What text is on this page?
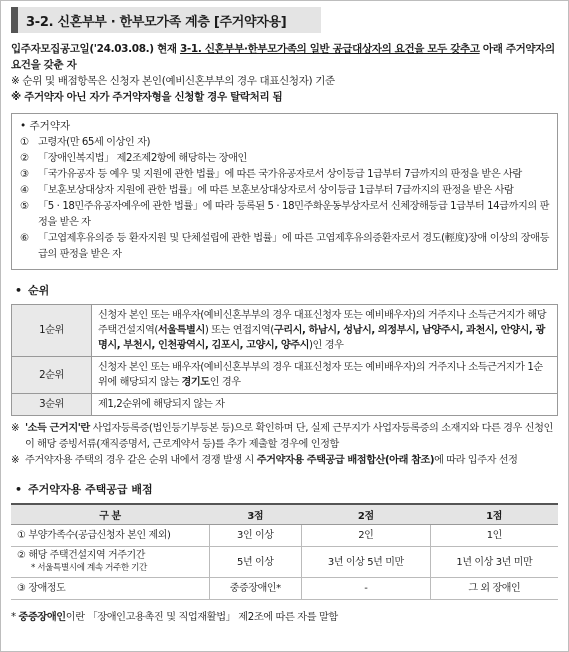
3-2. 신혼부부 · 한부모가족 계층 [주거약자용]
입주자모집공고일('24.03.08.) 현재 3-1. 신혼부부·한부모가족의 일반 공급대상자의 요건을 모두 갖추고 아래 주거약자의 요건을 갖춘 자
※ 순위 및 배점항목은 신청자 본인(예비신혼부부의 경우 대표신청자) 기준
※ 주거약자 아닌 자가 주거약자형을 신청할 경우 탈락처리 됨
• 주거약자
① 고령자(만 65세 이상인 자)
② 「장애인복지법」 제2조제2항에 해당하는 장애인
③ 「국가유공자 등 예우 및 지원에 관한 법률」에 따른 국가유공자로서 상이등급 1급부터 7급까지의 판정을 받은 사람
④ 「보훈보상대상자 지원에 관한 법률」에 따른 보훈보상대상자로서 상이등급 1급부터 7급까지의 판정을 받은 사람
⑤ 「5 · 18민주유공자예우에 관한 법률」에 따라 등록된 5 · 18민주화운동부상자로서 신체장해등급 1급부터 14급까지의 판정을 받은 자
⑥ 「고엽제후유의증 등 환자지원 및 단체설립에 관한 법률」에 따른 고엽제후유의증환자로서 경도(輕度)장애 이상의 장애등급의 판정을 받은 자
• 순위
1순위	신청자 본인 또는 배우자(예비신혼부부의 경우 대표신청자 또는 예비배우자)의 거주지나 소득근거지가 해당 주택건설지역(서울특별시) 또는 연접지역(구리시, 하남시, 성남시, 의정부시, 남양주시, 과천시, 안양시, 광명시, 부천시, 인천광역시, 김포시, 고양시, 양주시)인 경우
2순위	신청자 본인 또는 배우자(예비신혼부부의 경우 대표신청자 또는 예비배우자)의 거주지나 소득근거지가 1순위에 해당되지 않는 경기도인 경우
3순위	제1,2순위에 해당되지 않는 자
※ '소득 근거지'란 사업자등록증(법인등기부등본 등)으로 확인하며 단, 실제 근무지가 사업자등록증의 소재지와 다른 경우 신청인이 해당 증빙서류(재직증명서, 근로계약서 등)를 추가 제출할 경우에 인정함
※ 주거약자용 주택의 경우 같은 순위 내에서 경쟁 발생 시 주거약자용 주택공급 배점합산(아래 참조)에 따라 입주자 선정
• 주거약자용 주택공급 배점
구 분	3점	2점	1점
① 부양가족수(공급신청자 본인 제외)	3인 이상	2인	1인
② 해당 주택건설지역 거주기간
* 서울특별시에 계속 거주한 기간	5년 이상	3년 이상 5년 미만	1년 이상 3년 미만
③ 장애정도	중증장애인*	-	그 외 장애인
* 중증장애인이란 「장애인고용촉진 및 직업재활법」 제2조에 따른 자를 말함
